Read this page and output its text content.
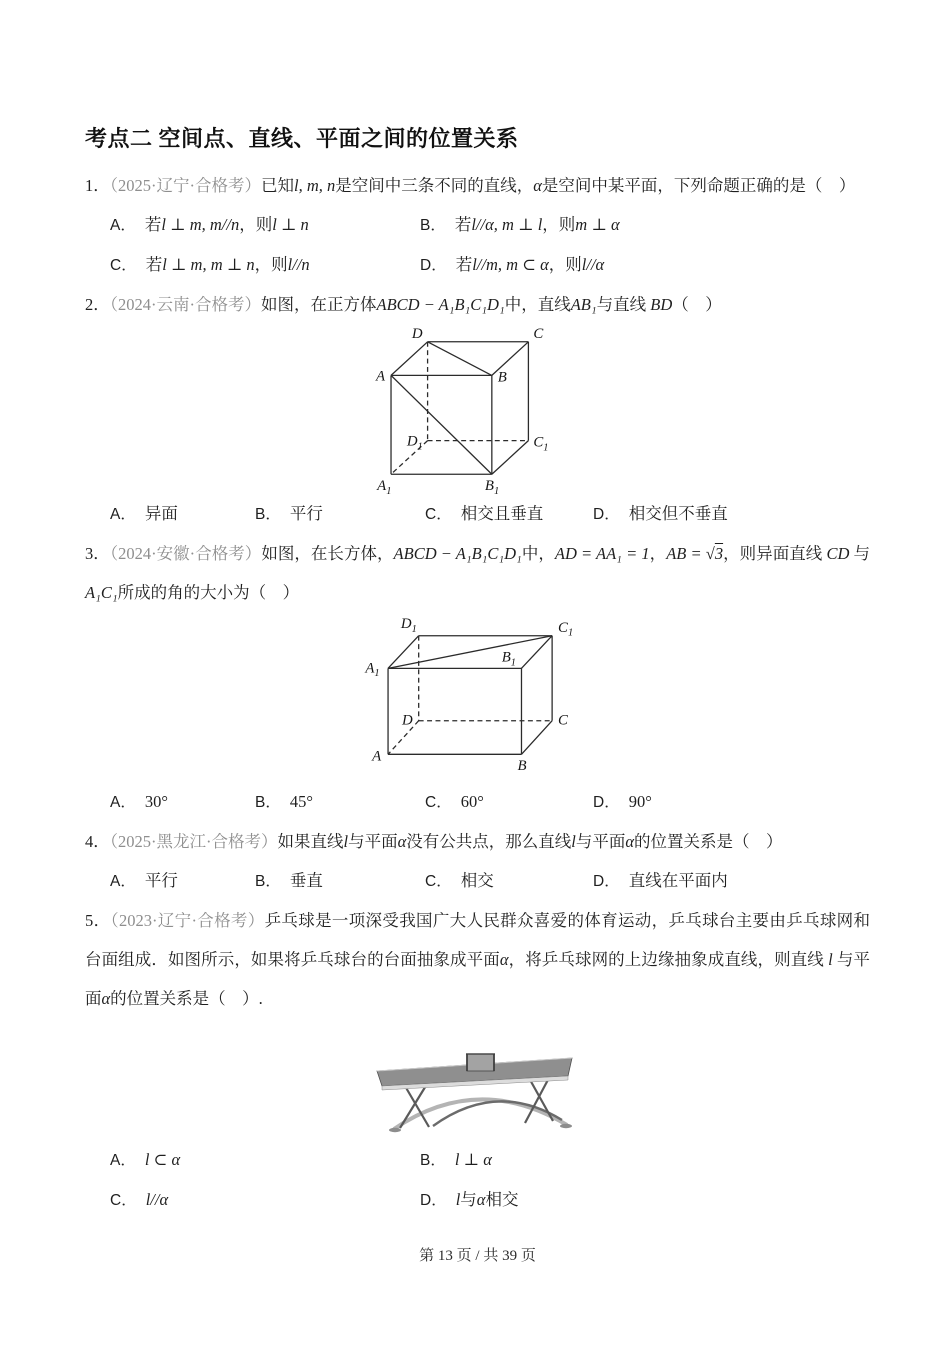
考点二 空间点、直线、平面之间的位置关系

1．（2025·辽宁·合格考）已知l, m, n是空间中三条不同的直线，α是空间中某平面，下列命题正确的是（　）

A． 若l ⊥ m, m//n，则l ⊥ n	B． 若l//α, m ⊥ l，则m ⊥ α
C． 若l ⊥ m, m ⊥ n，则l//n	D． 若l//m, m ⊂ α，则l//α

2．（2024·云南·合格考）如图，在正方体ABCD − A₁B₁C₁D₁中，直线AB₁与直线 BD（　）

D	C
A	B
$D_1$	$C_1$
$A_1$	$B_1$
A． 异面	B． 平行	C． 相交且垂直	D． 相交但不垂直

3．（2024·安徽·合格考）如图，在长方体，ABCD − A₁B₁C₁D₁中，AD = AA₁ = 1，AB = √3，则异面直线 CD 与A₁C₁所成的角的大小为（　）

$D_1$	$C_1$
$A_1$
$B_1$
D	C
A
B
A． 30°	B． 45°	C． 60°	D． 90°

4．（2025·黑龙江·合格考）如果直线l与平面α没有公共点，那么直线l与平面α的位置关系是（　）

A． 平行	B． 垂直	C． 相交	D． 直线在平面内

5．（2023·辽宁·合格考）乒乓球是一项深受我国广大人民群众喜爱的体育运动，乒乓球台主要由乒乓球网和台面组成．如图所示，如果将乒乓球台的台面抽象成平面α，将乒乓球网的上边缘抽象成直线，则直线 l 与平面α的位置关系是（　）.

A． l ⊂ α	B． l ⊥ α
C． l//α	D． l与α相交
第 13 页 / 共 39 页
